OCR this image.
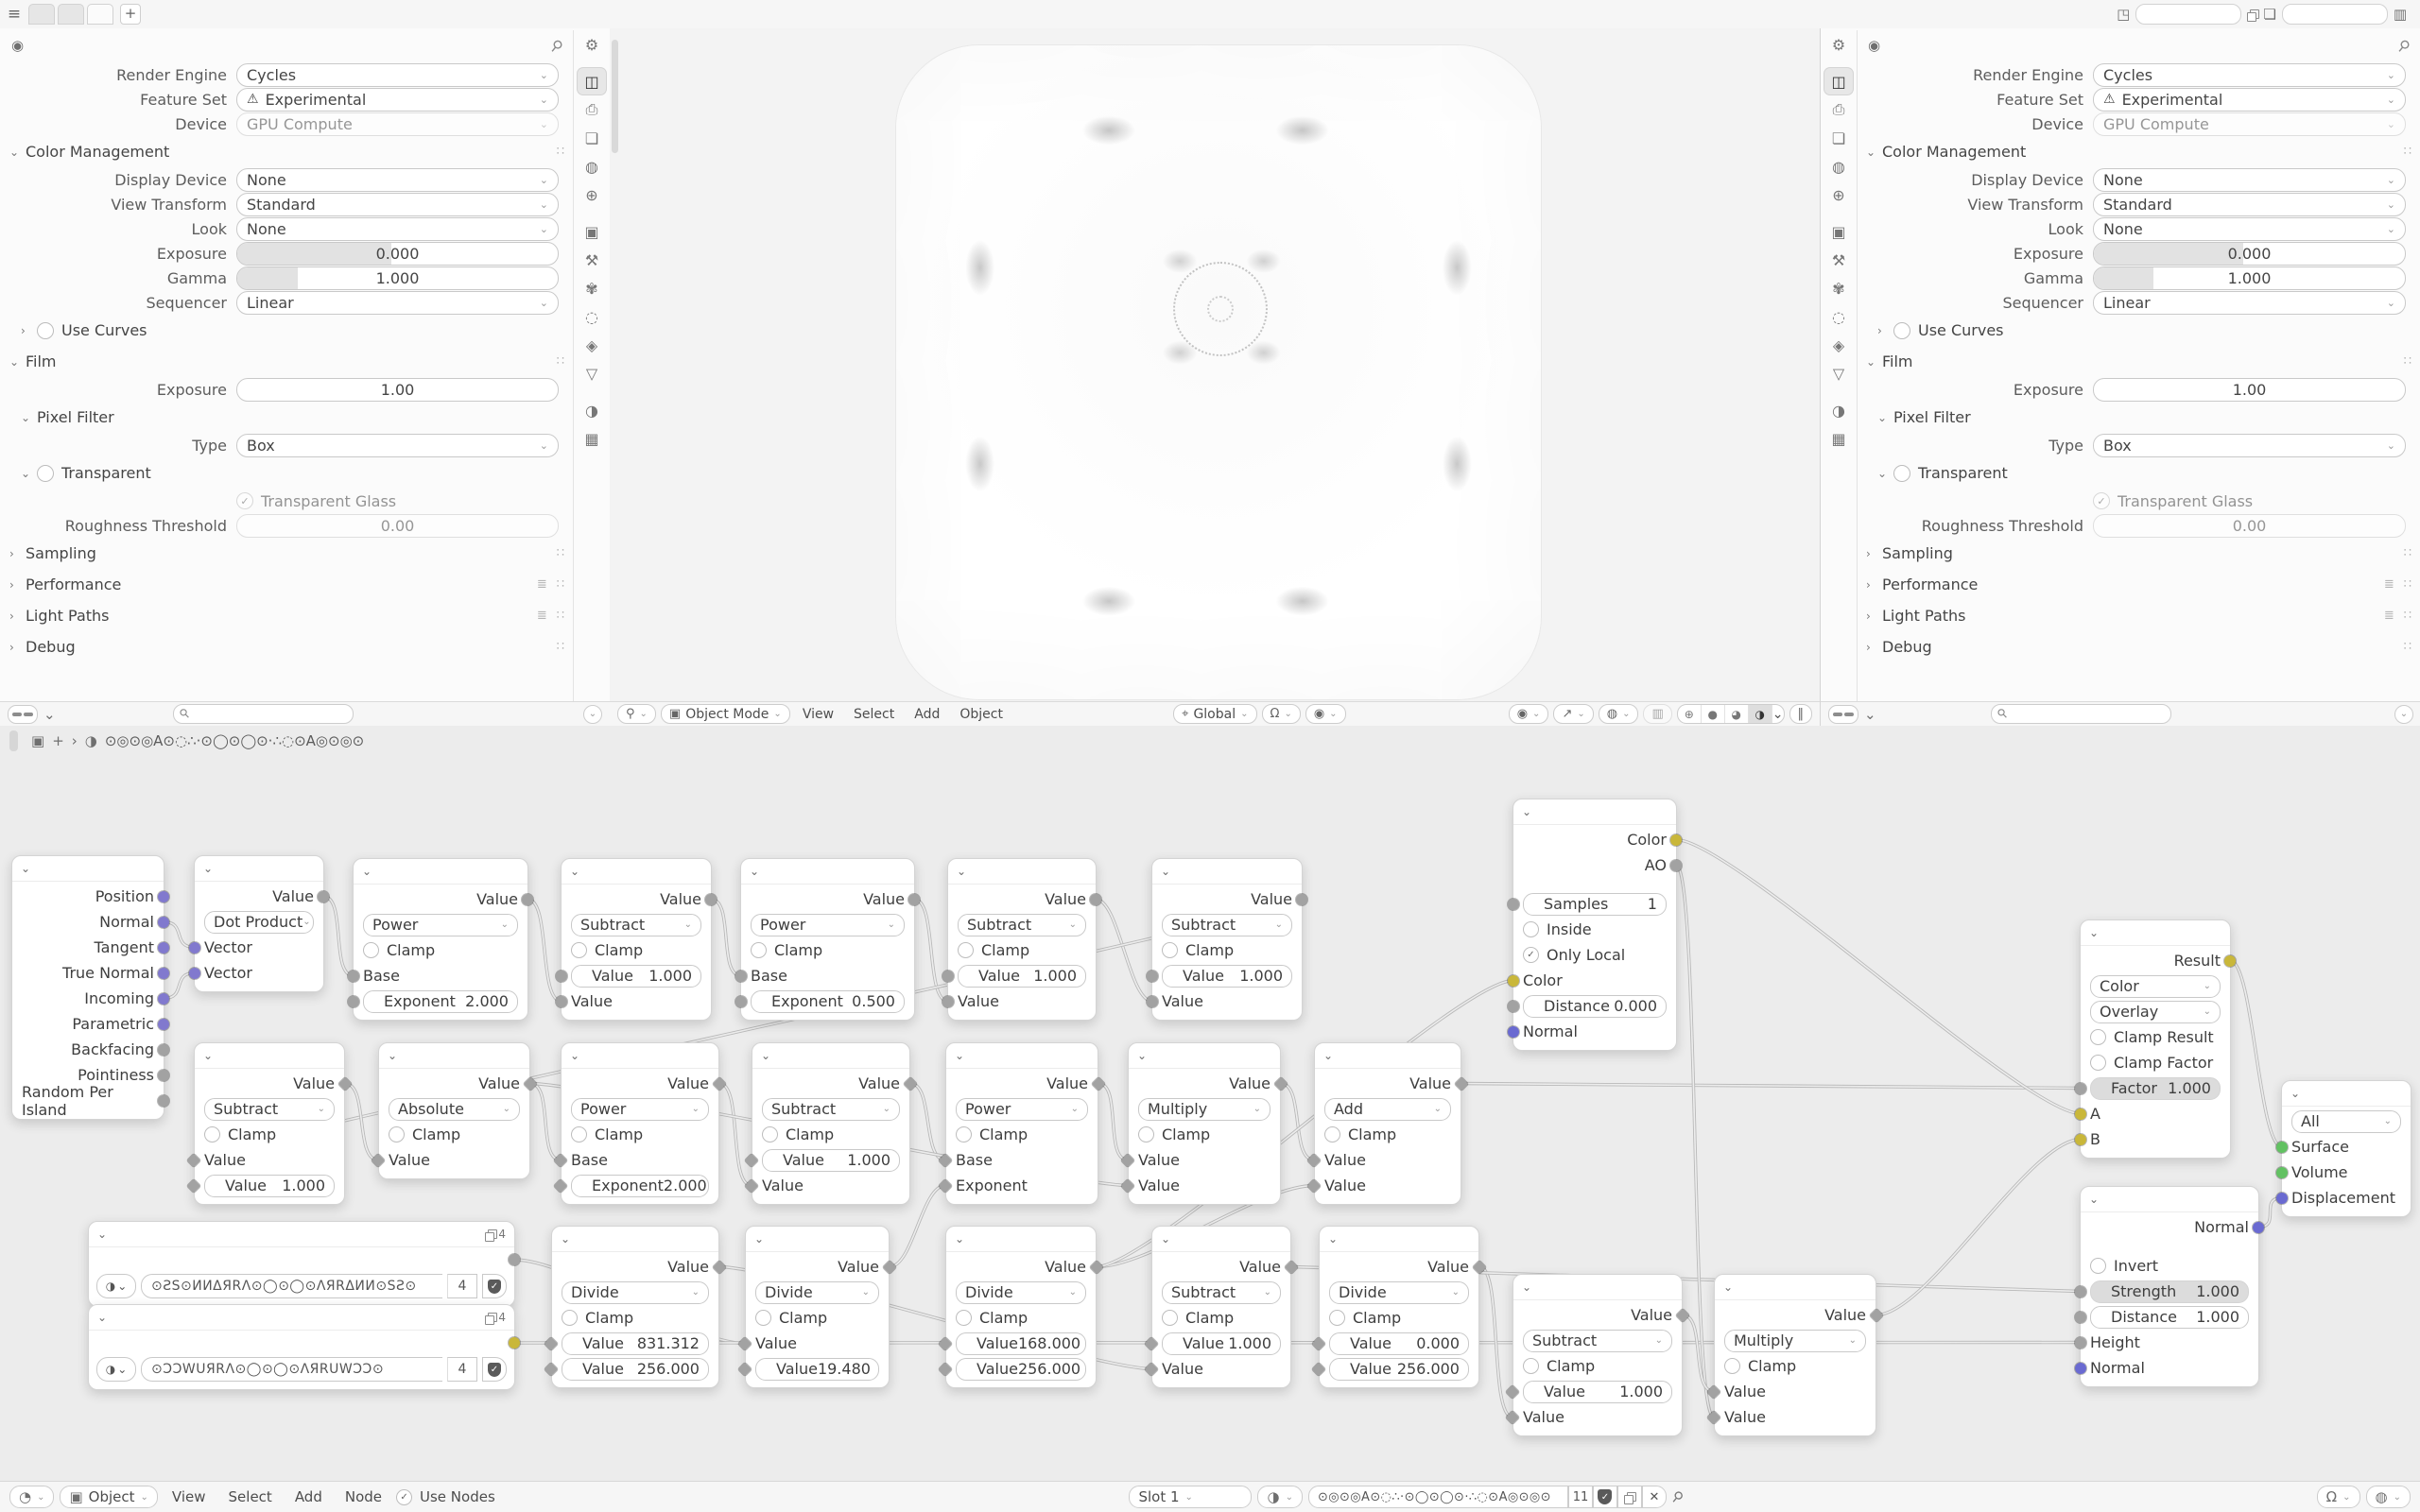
≡	+	◳	❏	▥
◉	⚲
Render Engine	Cycles	⌄
Feature Set	⚠ Experimental	⌄
Device	GPU Compute	⌄
⌄ Color Management	∷
Display Device	None	⌄
View Transform	Standard	⌄
Look	None	⌄
Exposure	0.000
Gamma	1.000
Sequencer	Linear	⌄
›	Use Curves
⌄ Film	∷
Exposure	1.00
⌄ Pixel Filter
Type	Box	⌄
⌄	Transparent
✓ Transparent Glass
Roughness Threshold	0.00
› Sampling	∷
› Performance	≣ ∷
› Light Paths	≣ ∷
› Debug	∷
⚙
◫
⎙
❏
◍
⊕
▣
⚒
✾
◌
◈
▽
◑
▦
⌄	⚲	⌄	⚲ ⌄ ▣ Object Mode ⌄	View	Select	Add	Object	⌖ Global ⌄ Ω ⌄ ◉ ⌄	◉ ⌄ ↗ ⌄ ◍ ⌄ ▥	⊕	●	◕	◑ ⌄ ‖
⚙
◫
⎙
❏
◍
⊕
▣
⚒
✾
◌
◈
▽
◑
▦
◉	⚲
Render Engine	Cycles	⌄
Feature Set	⚠ Experimental	⌄
Device	GPU Compute	⌄
⌄ Color Management	∷
Display Device	None	⌄
View Transform	Standard	⌄
Look	None	⌄
Exposure	0.000
Gamma	1.000
Sequencer	Linear	⌄
›	Use Curves
⌄ Film	∷
Exposure	1.00
⌄ Pixel Filter
Type	Box	⌄
⌄	Transparent
✓ Transparent Glass
Roughness Threshold	0.00
› Sampling	∷
› Performance	≣ ∷
› Light Paths	≣ ∷
› Debug	∷
⌄	⚲	⌄
▣ + › ◑ ⊙◎⊙◎A⊙◌∴·⊙◯⊙◯⊙·∴◌⊙A◎⊙◎⊙
⌄
Position
Normal
Tangent
True Normal
Incoming
Parametric
Backfacing
Pointiness
Random Per Island
⌄
Value
Dot Product ⌄
Vector
Vector
⌄
Value
Power	⌄
Clamp
Base
Exponent 2.000
⌄
Value
Subtract	⌄
Clamp
Value 1.000
Value
⌄
Value
Power	⌄
Clamp
Base
Exponent 0.500
⌄
Value
Subtract	⌄
Clamp
Value 1.000
Value
⌄
Value
Subtract	⌄
Clamp
Value 1.000
Value
⌄
Value
Subtract	⌄
Clamp
Value
Value 1.000
⌄
Value
Absolute	⌄
Clamp
Value
⌄
Value
Power	⌄
Clamp
Base
Exponent 2.000
⌄
Value
Subtract	⌄
Clamp
Value 1.000
Value
⌄
Value
Power	⌄
Clamp
Base
Exponent
⌄
Value
Multiply	⌄
Clamp
Value
Value
⌄
Value
Add	⌄
Clamp
Value
Value
⌄	4
◑ ⌄	⊙ƧS⊙ͶИΔЯRΛ⊙◯⊙◯⊙ΛЯRΔИͶ⊙SƧ⊙	4	✓
⌄	4
◑ ⌄	⊙ƆƆWUЯRΛ⊙◯⊙◯⊙ΛЯRUWƆƆ⊙	4	✓
⌄
Value
Divide	⌄
Clamp
Value 831.312
Value 256.000
⌄
Value
Divide	⌄
Clamp
Value
Value 19.480
⌄
Value
Divide	⌄
Clamp
Value 168.000
Value 256.000
⌄
Value
Subtract	⌄
Clamp
Value 1.000
Value
⌄
Value
Divide	⌄
Clamp
Value 0.000
Value 256.000
⌄
Value
Subtract	⌄
Clamp
Value 1.000
Value
⌄
Value
Multiply	⌄
Clamp
Value
Value
⌄
Color
AO
Samples	1
Inside
✓ Only Local
Color
Distance 0.000
Normal
⌄
Result
Color	⌄
Overlay	⌄
Clamp Result
Clamp Factor
Factor 1.000
A
B
⌄
All	⌄
Surface
Volume
Displacement
⌄
Normal
Invert
Strength 1.000
Distance 1.000
Height
Normal
◔ ⌄ ▣ Object ⌄	View	Select	Add	Node	✓ Use Nodes	Slot 1 ⌄	◑ ⌄	⊙◎⊙◎A⊙◌∴·⊙◯⊙◯⊙·∴◌⊙A◎⊙◎⊙	11	✓	✕ ⚲	Ω ⌄ ◍ ⌄
